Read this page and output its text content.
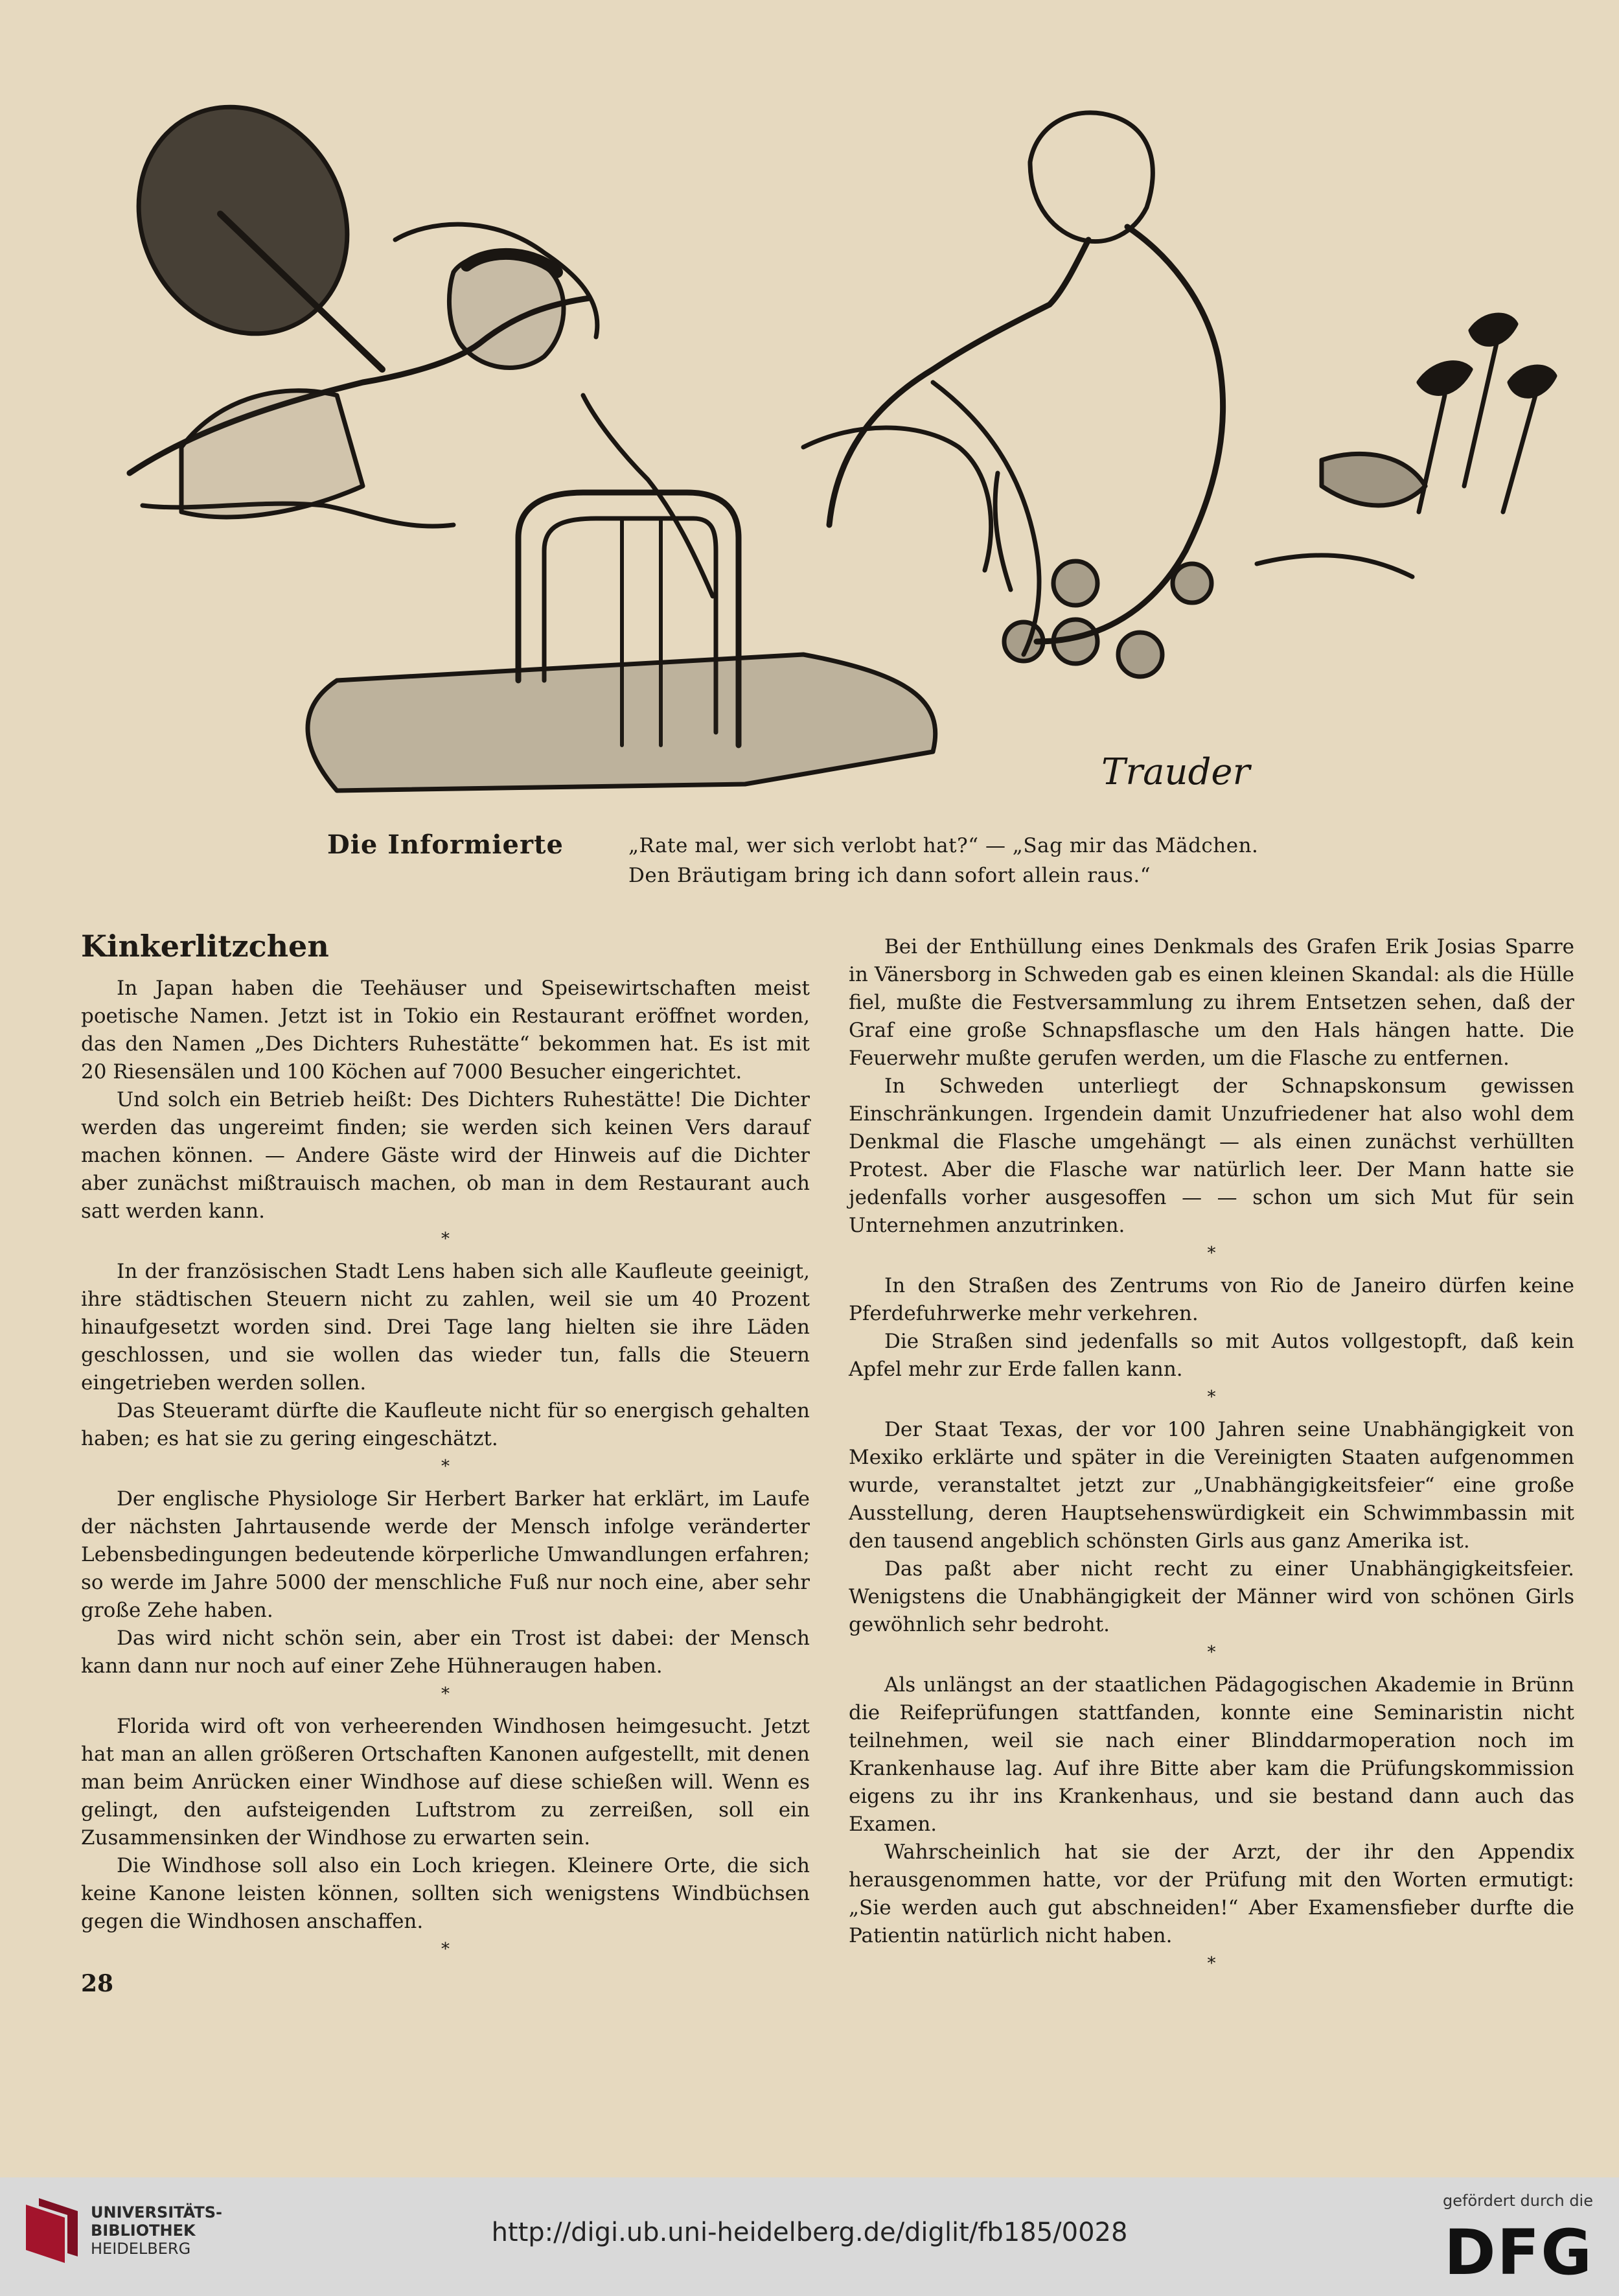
Trauder
Die Informierte	„Rate mal, wer sich verlobt hat?“ — „Sag mir das Mädchen.
Den Bräutigam bring ich dann sofort allein raus.“
Kinkerlitzchen

In Japan haben die Teehäuser und Speisewirtschaften meist poetische Namen. Jetzt ist in Tokio ein Restaurant eröffnet worden, das den Namen „Des Dichters Ruhestätte“ bekommen hat. Es ist mit 20 Riesensälen und 100 Köchen auf 7000 Besucher eingerichtet.

Und solch ein Betrieb heißt: Des Dichters Ruhestätte! Die Dichter werden das ungereimt finden; sie werden sich keinen Vers darauf machen können. — Andere Gäste wird der Hinweis auf die Dichter aber zunächst mißtrauisch machen, ob man in dem Restaurant auch satt werden kann.

*

In der französischen Stadt Lens haben sich alle Kaufleute geeinigt, ihre städtischen Steuern nicht zu zahlen, weil sie um 40 Prozent hinaufgesetzt worden sind. Drei Tage lang hielten sie ihre Läden geschlossen, und sie wollen das wieder tun, falls die Steuern eingetrieben werden sollen.

Das Steueramt dürfte die Kaufleute nicht für so energisch gehalten haben; es hat sie zu gering eingeschätzt.

*

Der englische Physiologe Sir Herbert Barker hat erklärt, im Laufe der nächsten Jahrtausende werde der Mensch infolge veränderter Lebensbedingungen bedeutende körperliche Umwandlungen erfahren; so werde im Jahre 5000 der menschliche Fuß nur noch eine, aber sehr große Zehe haben.

Das wird nicht schön sein, aber ein Trost ist dabei: der Mensch kann dann nur noch auf einer Zehe Hühneraugen haben.

*

Florida wird oft von verheerenden Windhosen heimgesucht. Jetzt hat man an allen größeren Ortschaften Kanonen aufgestellt, mit denen man beim Anrücken einer Windhose auf diese schießen will. Wenn es gelingt, den aufsteigenden Luftstrom zu zerreißen, soll ein Zusammensinken der Windhose zu erwarten sein.

Die Windhose soll also ein Loch kriegen. Kleinere Orte, die sich keine Kanone leisten können, sollten sich wenigstens Windbüchsen gegen die Windhosen anschaffen.

*

Bei der Enthüllung eines Denkmals des Grafen Erik Josias Sparre in Vänersborg in Schweden gab es einen kleinen Skandal: als die Hülle fiel, mußte die Festversammlung zu ihrem Entsetzen sehen, daß der Graf eine große Schnapsflasche um den Hals hängen hatte. Die Feuerwehr mußte gerufen werden, um die Flasche zu entfernen.

In Schweden unterliegt der Schnapskonsum gewissen Einschränkungen. Irgendein damit Unzufriedener hat also wohl dem Denkmal die Flasche umgehängt — als einen zunächst verhüllten Protest. Aber die Flasche war natürlich leer. Der Mann hatte sie jedenfalls vorher ausgesoffen — — schon um sich Mut für sein Unternehmen anzutrinken.

*

In den Straßen des Zentrums von Rio de Janeiro dürfen keine Pferdefuhrwerke mehr verkehren.

Die Straßen sind jedenfalls so mit Autos vollgestopft, daß kein Apfel mehr zur Erde fallen kann.

*

Der Staat Texas, der vor 100 Jahren seine Unabhängigkeit von Mexiko erklärte und später in die Vereinigten Staaten aufgenommen wurde, veranstaltet jetzt zur „Unabhängigkeitsfeier“ eine große Ausstellung, deren Hauptsehenswürdigkeit ein Schwimmbassin mit den tausend angeblich schönsten Girls aus ganz Amerika ist.

Das paßt aber nicht recht zu einer Unabhängigkeitsfeier. Wenigstens die Unabhängigkeit der Männer wird von schönen Girls gewöhnlich sehr bedroht.

*

Als unlängst an der staatlichen Pädagogischen Akademie in Brünn die Reifeprüfungen stattfanden, konnte eine Seminaristin nicht teilnehmen, weil sie nach einer Blinddarmoperation noch im Krankenhause lag. Auf ihre Bitte aber kam die Prüfungskommission eigens zu ihr ins Krankenhaus, und sie bestand dann auch das Examen.

Wahrscheinlich hat sie der Arzt, der ihr den Appendix herausgenommen hatte, vor der Prüfung mit den Worten ermutigt: „Sie werden auch gut abschneiden!“ Aber Examensfieber durfte die Patientin natürlich nicht haben.

*
28
UNIVERSITÄTS-
BIBLIOTHEK
HEIDELBERG
http://digi.ub.uni-heidelberg.de/diglit/fb185/0028
gefördert durch die
DFG
